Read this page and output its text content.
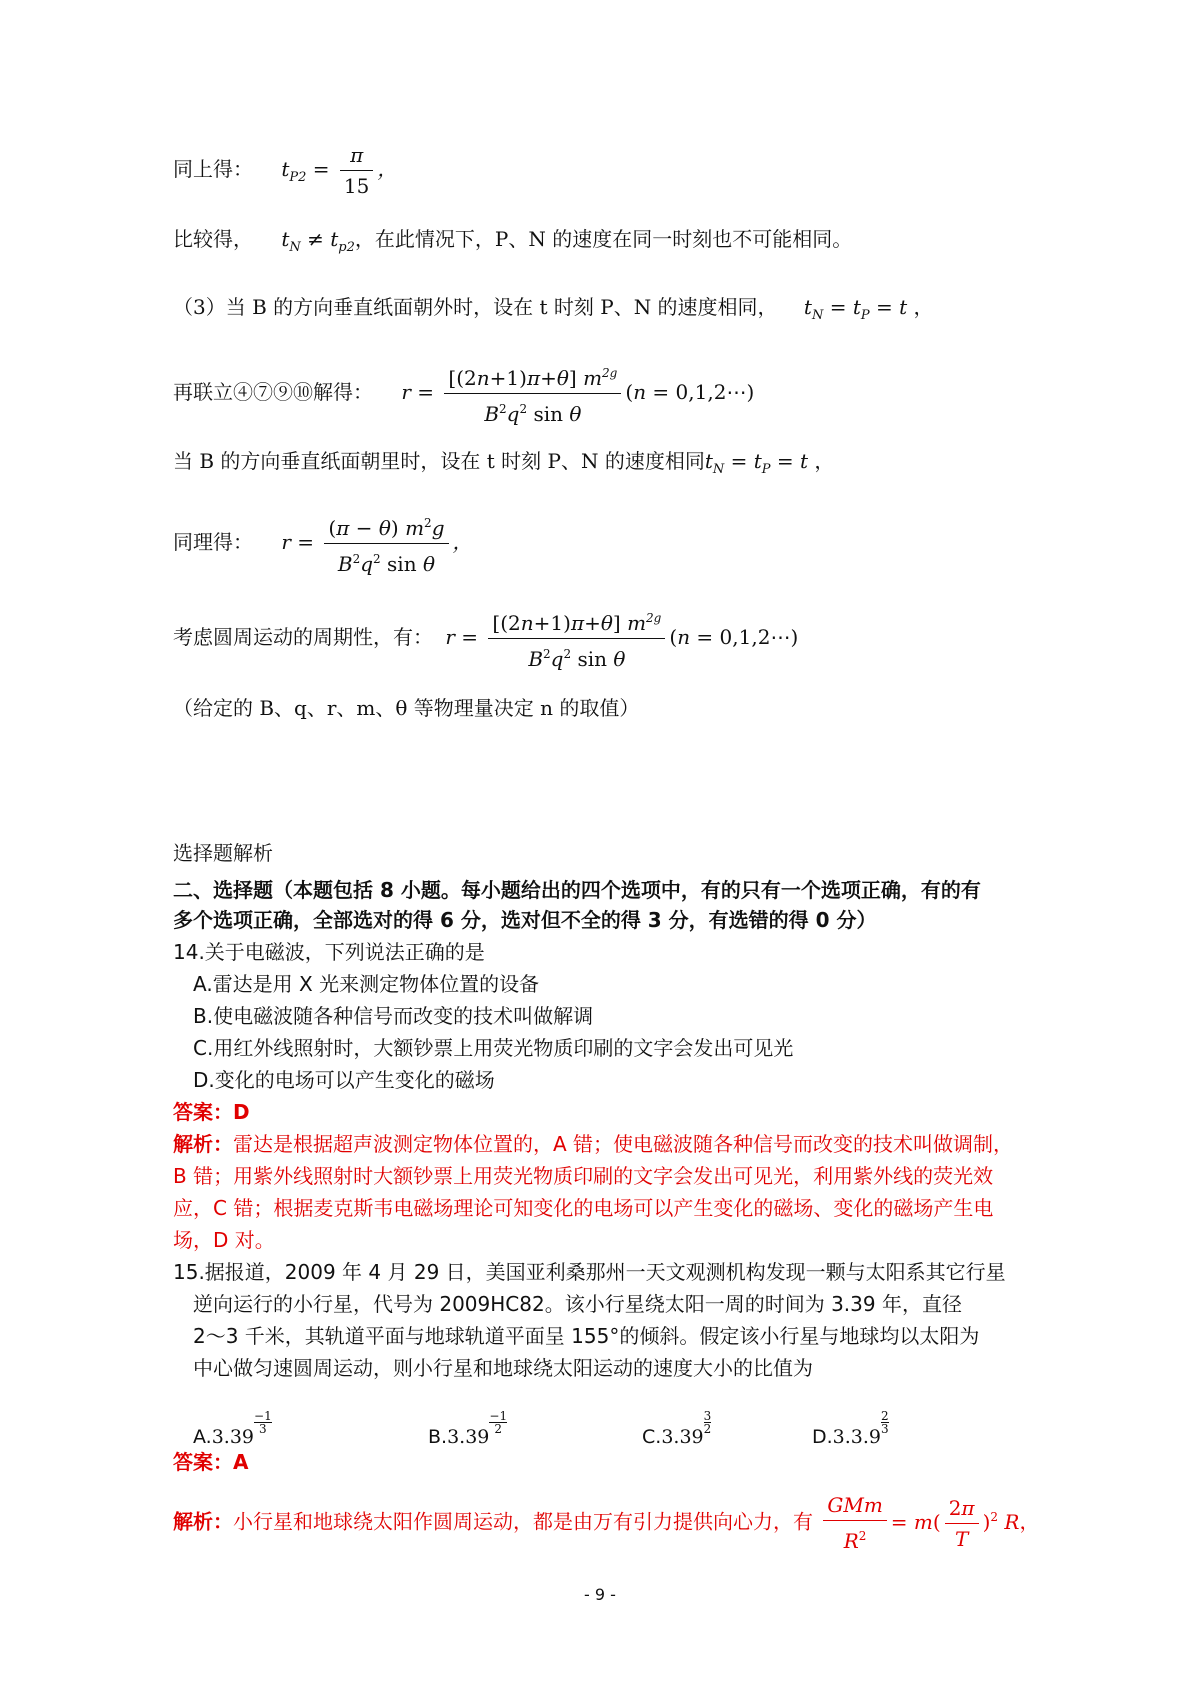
同上得： $t_{P2} = \frac{\pi}{15}$ ，
比较得， $t_N \ne t_{p2}$，在此情况下，P、N 的速度在同一时刻也不可能相同。
（3）当 B 的方向垂直纸面朝外时，设在 t 时刻 P、N 的速度相同， $t_N = t_P = t$ ，
再联立④⑦⑨⑩解得： $r = \frac{[(2n+1)\pi+\theta] m^{2g}}{B^2q^2 \sin \theta} (n$ = 0,1,2⋯)
当 B 的方向垂直纸面朝里时，设在 t 时刻 P、N 的速度相同$t_N = t_P = t$ ，
同理得： $r = \frac{(\pi - \theta) m^2g}{B^2q^2 \sin \theta}$ ，
考虑圆周运动的周期性，有： $r = \frac{[(2n+1)\pi+\theta] m^{2g}}{B^2q^2 \sin \theta} (n$ = 0,1,2⋯)
（给定的 B、q、r、m、θ 等物理量决定 n 的取值）
选择题解析
二、选择题（本题包括 8 小题。每小题给出的四个选项中，有的只有一个选项正确，有的有
多个选项正确，全部选对的得 6 分，选对但不全的得 3 分，有选错的得 0 分）
14.关于电磁波，下列说法正确的是
A.雷达是用 X 光来测定物体位置的设备
B.使电磁波随各种信号而改变的技术叫做解调
C.用红外线照射时，大额钞票上用荧光物质印刷的文字会发出可见光
D.变化的电场可以产生变化的磁场
答案：D
解析：雷达是根据超声波测定物体位置的，A 错；使电磁波随各种信号而改变的技术叫做调制，
B 错；用紫外线照射时大额钞票上用荧光物质印刷的文字会发出可见光，利用紫外线的荧光效
应，C 错；根据麦克斯韦电磁场理论可知变化的电场可以产生变化的磁场、变化的磁场产生电
场，D 对。
15.据报道，2009 年 4 月 29 日，美国亚利桑那州一天文观测机构发现一颗与太阳系其它行星
逆向运行的小行星，代号为 2009HC82。该小行星绕太阳一周的时间为 3.39 年，直径
2～3 千米，其轨道平面与地球轨道平面呈 155°的倾斜。假定该小行星与地球均以太阳为
中心做匀速圆周运动，则小行星和地球绕太阳运动的速度大小的比值为
A.3.39
$\frac{-1}{3}$
B.3.39
$\frac{-1}{2}$
C.3.39
$\frac{3}{2}$
D.3.3.9
$\frac{2}{3}$
答案：A
解析：小行星和地球绕太阳作圆周运动，都是由万有引力提供向心力，有 $\frac{\text{GMm}}{R^2} = m( \frac{2\pi}{T} )^2$ R，
- 9 -
